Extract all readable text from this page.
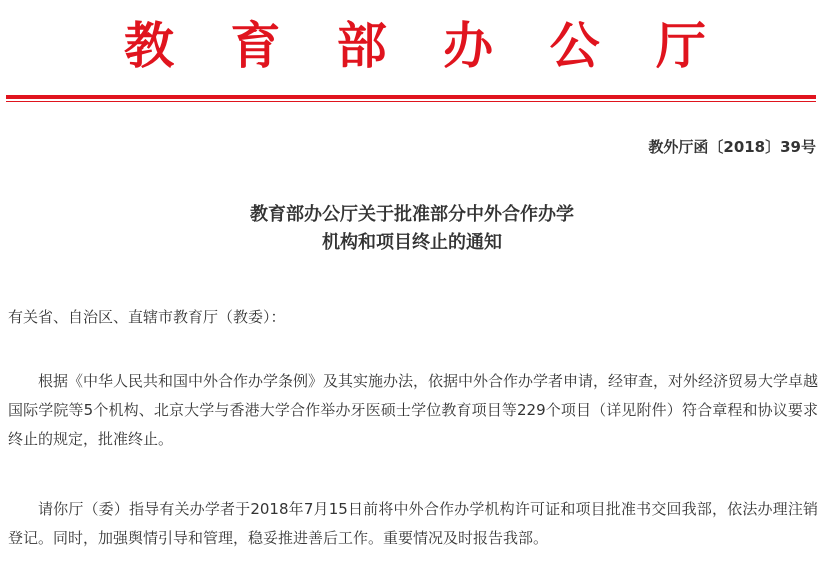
教 育 部 办 公 厅
教外厅函〔2018〕39号
教育部办公厅关于批准部分中外合作办学
机构和项目终止的通知
有关省、自治区、直辖市教育厅（教委）：
根据《中华人民共和国中外合作办学条例》及其实施办法，依据中外合作办学者申请，经审查，对外经济贸易大学卓越国际学院等5个机构、北京大学与香港大学合作举办牙医硕士学位教育项目等229个项目（详见附件）符合章程和协议要求终止的规定，批准终止。
请你厅（委）指导有关办学者于2018年7月15日前将中外合作办学机构许可证和项目批准书交回我部，依法办理注销登记。同时，加强舆情引导和管理，稳妥推进善后工作。重要情况及时报告我部。
